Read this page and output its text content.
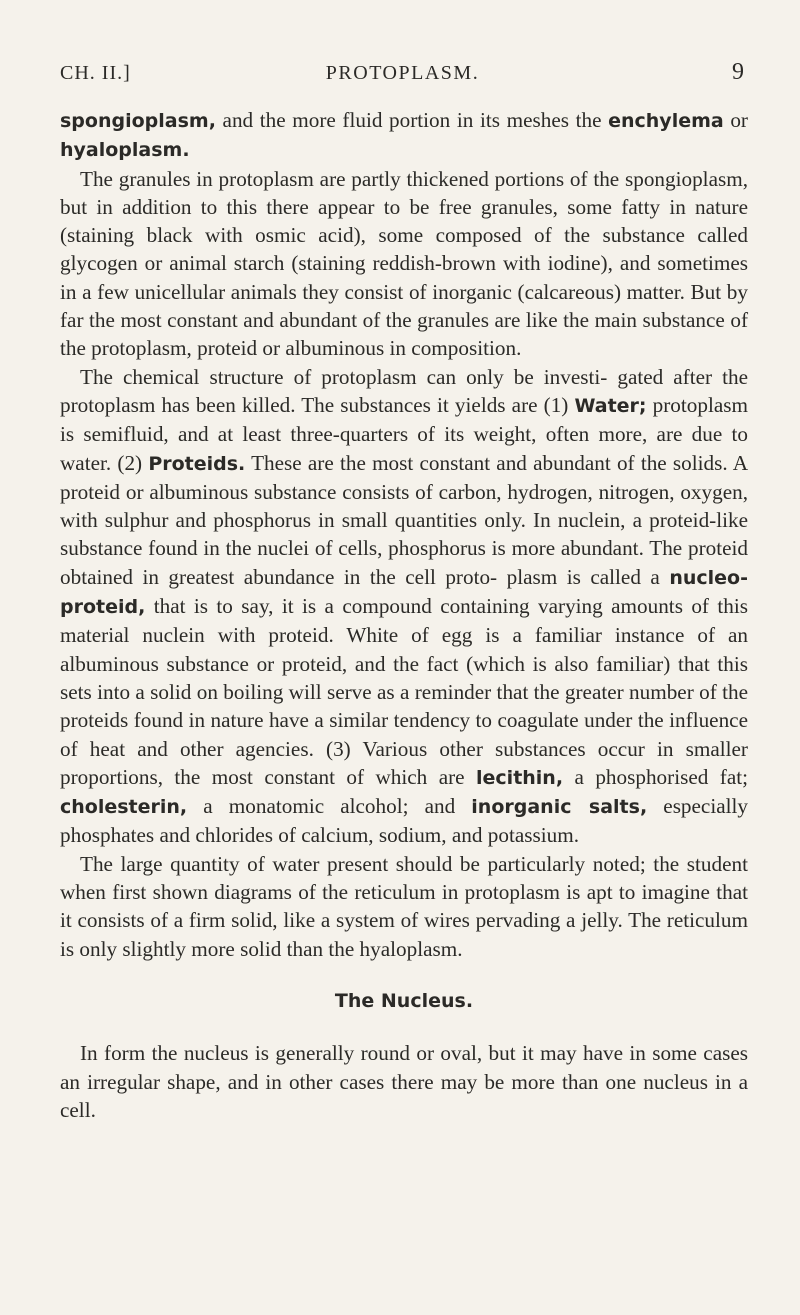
CH. II.]	PROTOPLASM.	9

spongioplasm, and the more fluid portion in its meshes the enchylema or hyaloplasm.

The granules in protoplasm are partly thickened portions of the spongioplasm, but in addition to this there appear to be free granules, some fatty in nature (staining black with osmic acid), some composed of the substance called glycogen or animal starch (staining reddish-brown with iodine), and sometimes in a few unicellular animals they consist of inorganic (calcareous) matter. But by far the most constant and abundant of the granules are like the main substance of the protoplasm, proteid or albuminous in composition.

The chemical structure of protoplasm can only be investi- gated after the protoplasm has been killed. The substances it yields are (1) Water; protoplasm is semifluid, and at least three-quarters of its weight, often more, are due to water. (2) Proteids. These are the most constant and abundant of the solids. A proteid or albuminous substance consists of carbon, hydrogen, nitrogen, oxygen, with sulphur and phosphorus in small quantities only. In nuclein, a proteid-like substance found in the nuclei of cells, phosphorus is more abundant. The proteid obtained in greatest abundance in the cell proto- plasm is called a nucleo-proteid, that is to say, it is a compound containing varying amounts of this material nuclein with proteid. White of egg is a familiar instance of an albuminous substance or proteid, and the fact (which is also familiar) that this sets into a solid on boiling will serve as a reminder that the greater number of the proteids found in nature have a similar tendency to coagulate under the influence of heat and other agencies. (3) Various other substances occur in smaller proportions, the most constant of which are lecithin, a phosphorised fat; cholesterin, a monatomic alcohol; and inorganic salts, especially phosphates and chlorides of calcium, sodium, and potassium.

The large quantity of water present should be particularly noted; the student when first shown diagrams of the reticulum in protoplasm is apt to imagine that it consists of a firm solid, like a system of wires pervading a jelly. The reticulum is only slightly more solid than the hyaloplasm.

The Nucleus.

In form the nucleus is generally round or oval, but it may have in some cases an irregular shape, and in other cases there may be more than one nucleus in a cell.
